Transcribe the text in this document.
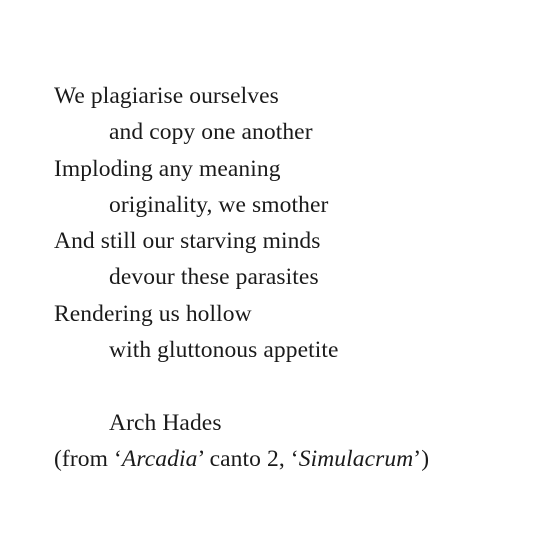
We plagiarise ourselves
and copy one another
Imploding any meaning
originality, we smother
And still our starving minds
devour these parasites
Rendering us hollow
with gluttonous appetite
Arch Hades
(from ‘Arcadia’ canto 2, ‘Simulacrum’)
